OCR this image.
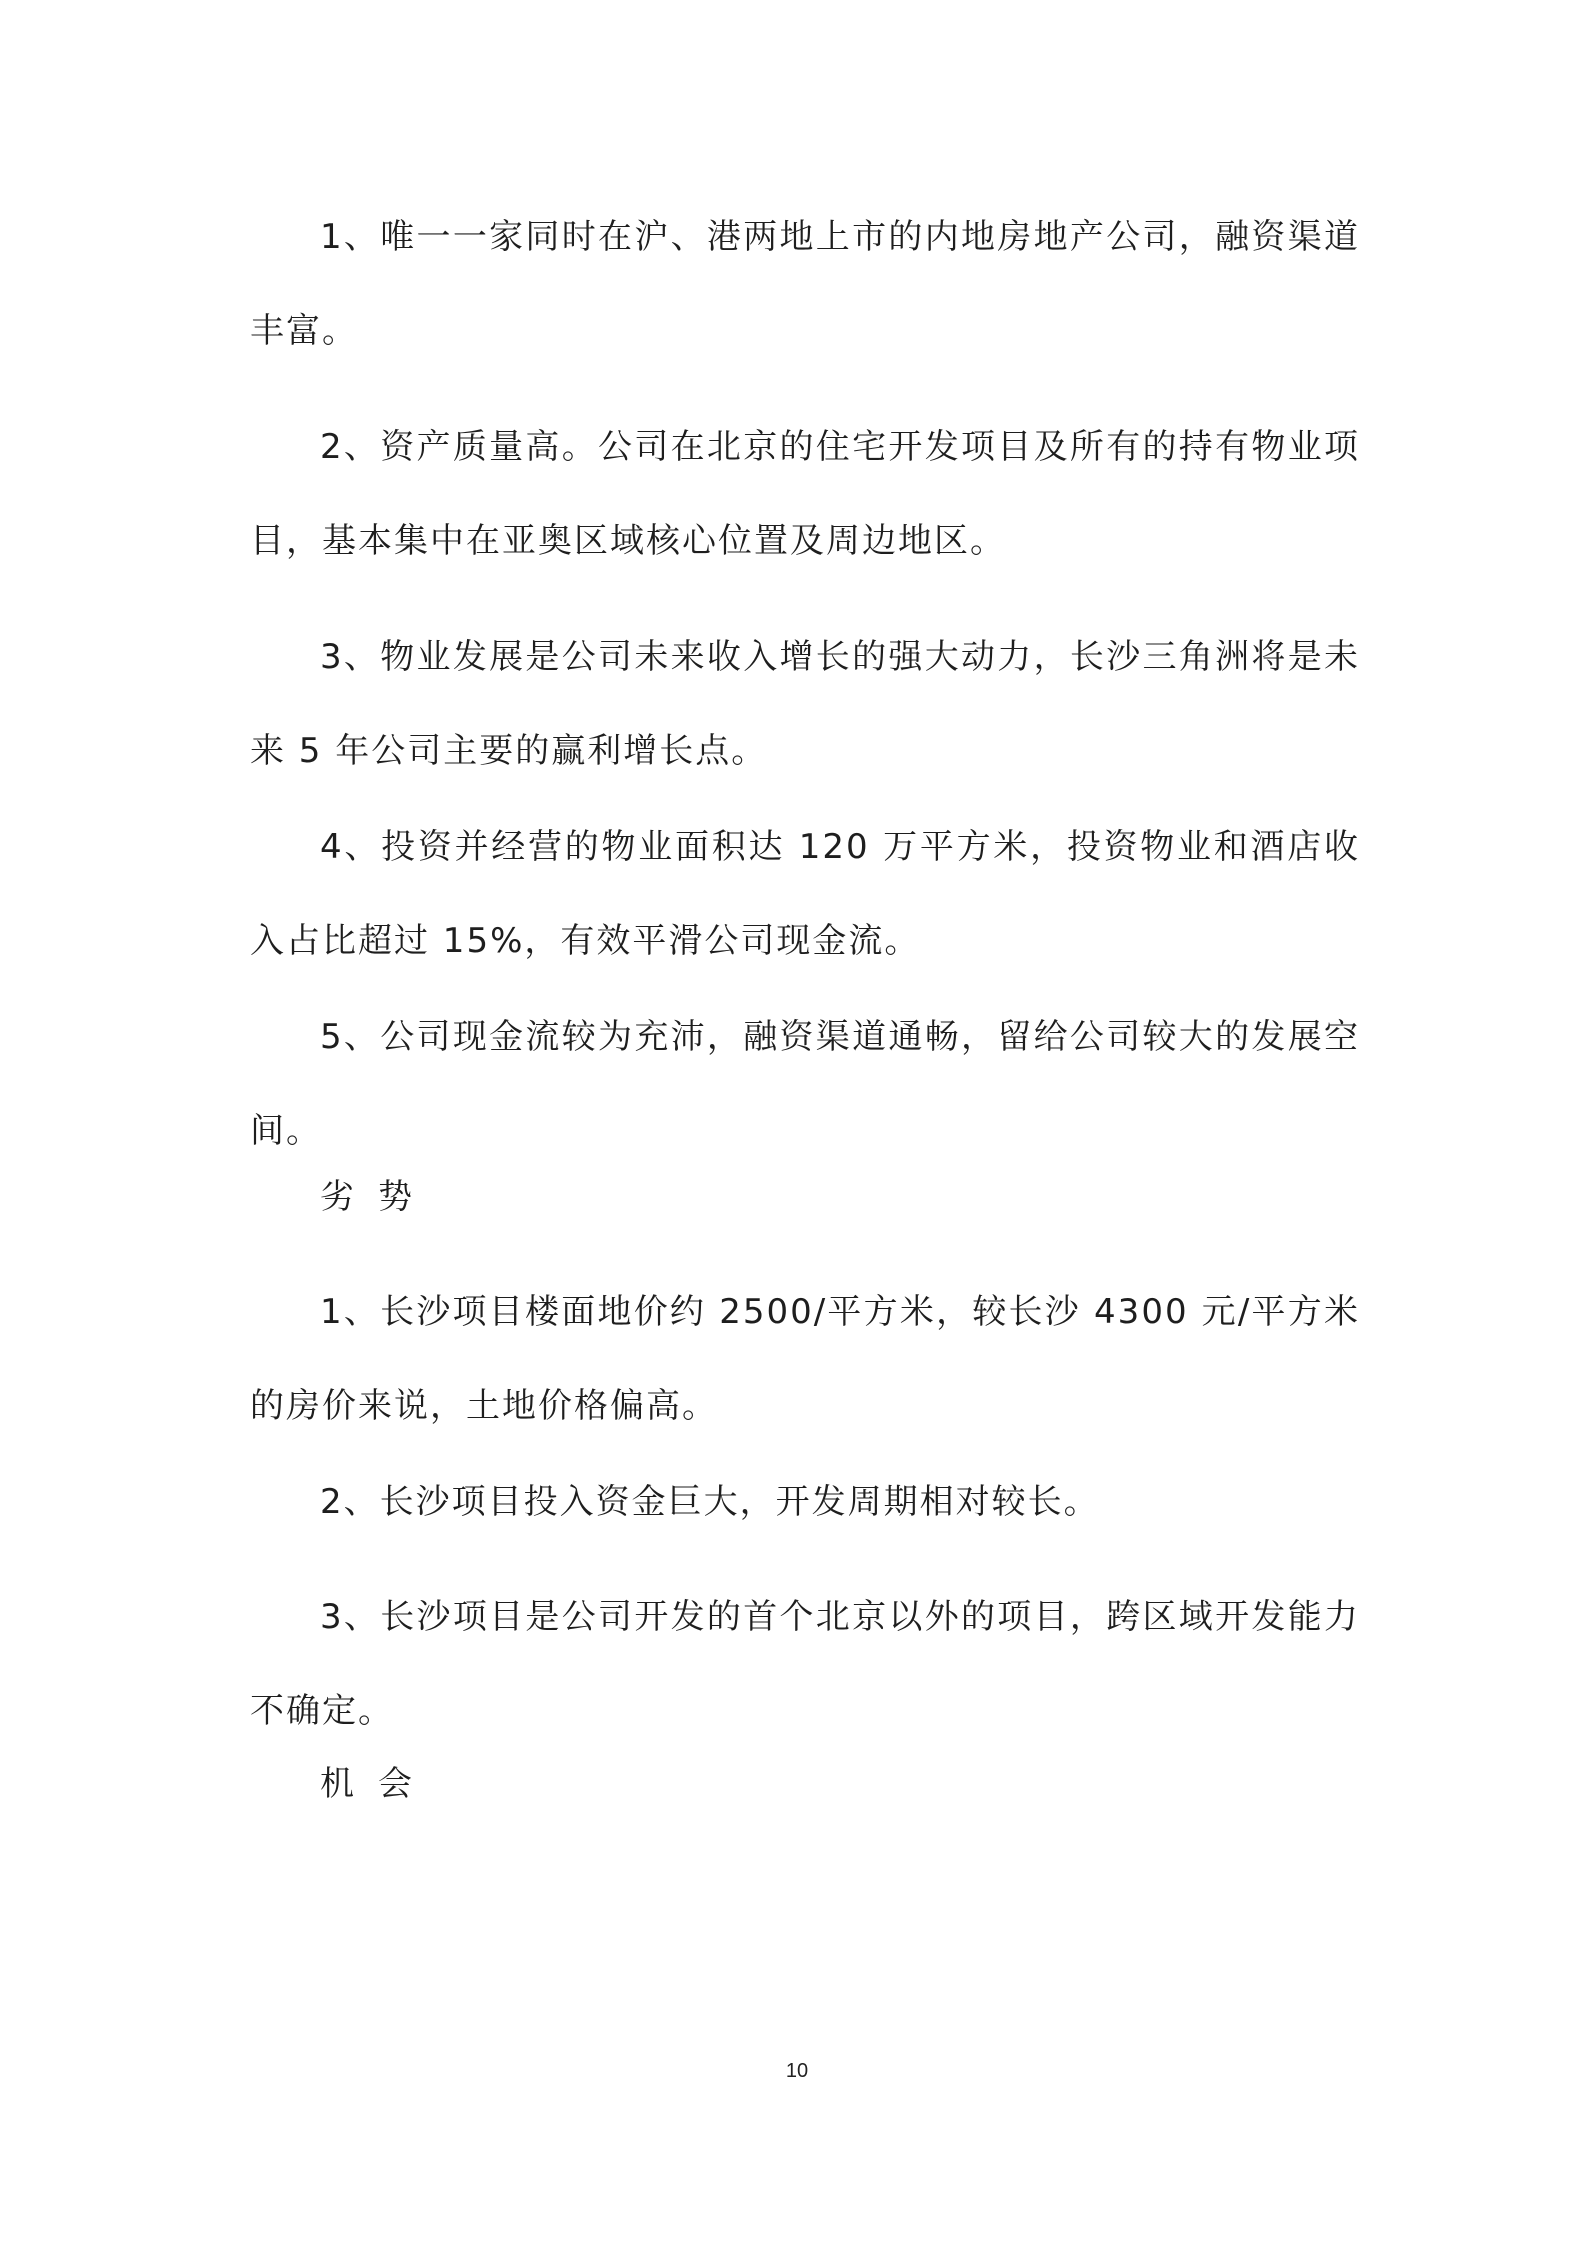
1、唯一一家同时在沪、港两地上市的内地房地产公司，融资渠道丰富。

2、资产质量高。公司在北京的住宅开发项目及所有的持有物业项目，基本集中在亚奥区域核心位置及周边地区。

3、物业发展是公司未来收入增长的强大动力，长沙三角洲将是未来 5 年公司主要的赢利增长点。

4、投资并经营的物业面积达 120 万平方米，投资物业和酒店收入占比超过 15%，有效平滑公司现金流。

5、公司现金流较为充沛，融资渠道通畅，留给公司较大的发展空间。

劣势

1、长沙项目楼面地价约 2500/平方米，较长沙 4300 元/平方米的房价来说，土地价格偏高。

2、长沙项目投入资金巨大，开发周期相对较长。

3、长沙项目是公司开发的首个北京以外的项目，跨区域开发能力不确定。

机会

10
